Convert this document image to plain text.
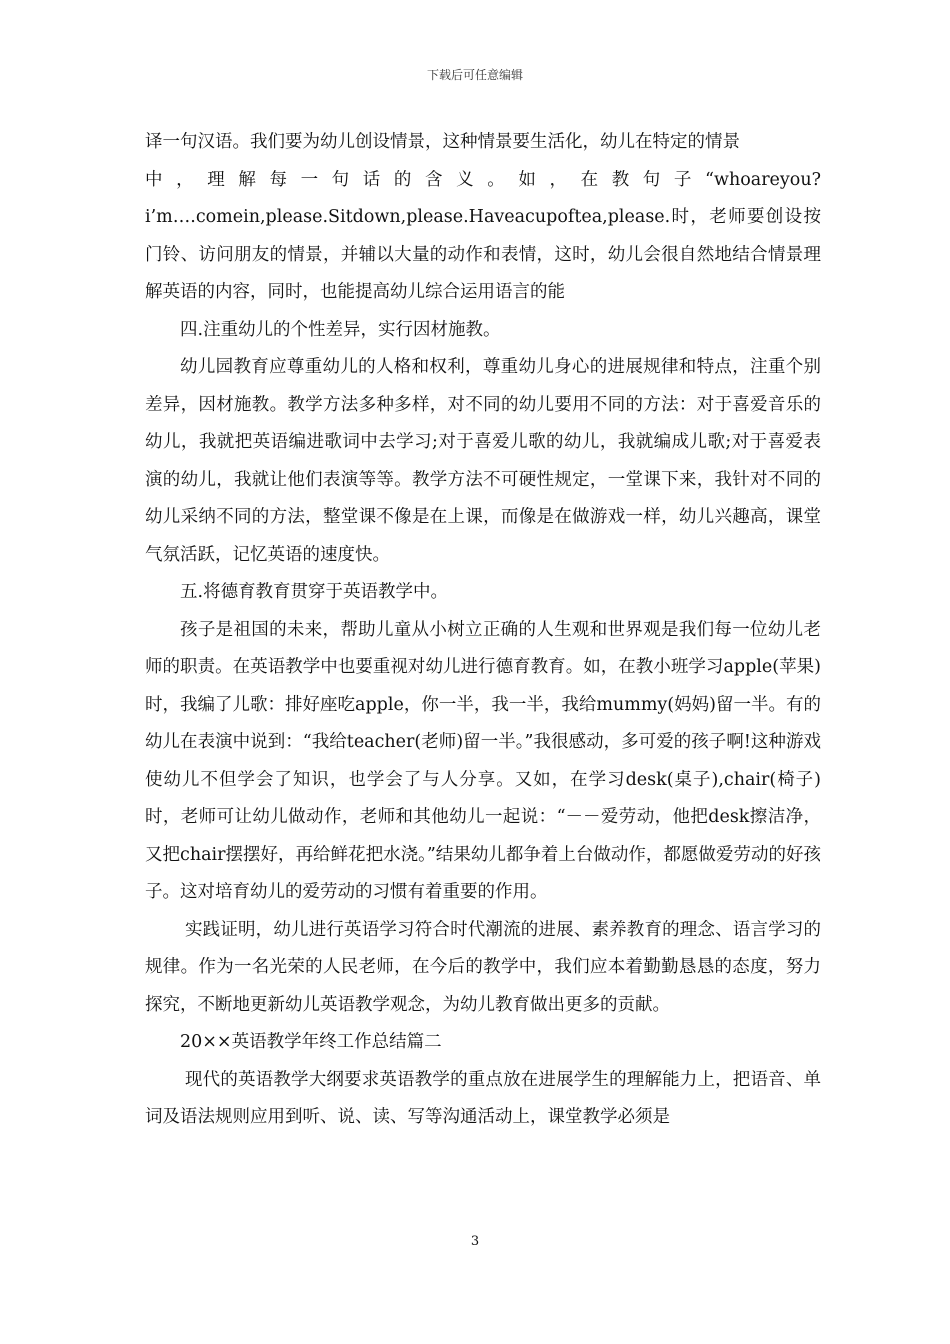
下载后可任意编辑

译一句汉语。我们要为幼儿创设情景，这种情景要生活化，幼儿在特定的情景

中，理解每一句话的含义。如，在教句子“whoareyou?

i’m….comein,please.Sitdown,please.Haveacupoftea,please.时，老师要创设按门铃、访问朋友的情景，并辅以大量的动作和表情，这时，幼儿会很自然地结合情景理解英语的内容，同时，也能提高幼儿综合运用语言的能

四.注重幼儿的个性差异，实行因材施教。

幼儿园教育应尊重幼儿的人格和权利，尊重幼儿身心的进展规律和特点，注重个别差异，因材施教。教学方法多种多样，对不同的幼儿要用不同的方法：对于喜爱音乐的幼儿，我就把英语编进歌词中去学习;对于喜爱儿歌的幼儿，我就编成儿歌;对于喜爱表演的幼儿，我就让他们表演等等。教学方法不可硬性规定，一堂课下来，我针对不同的幼儿采纳不同的方法，整堂课不像是在上课，而像是在做游戏一样，幼儿兴趣高，课堂气氛活跃，记忆英语的速度快。

五.将德育教育贯穿于英语教学中。

孩子是祖国的未来，帮助儿童从小树立正确的人生观和世界观是我们每一位幼儿老师的职责。在英语教学中也要重视对幼儿进行德育教育。如，在教小班学习apple(苹果)时，我编了儿歌：排好座吃apple，你一半，我一半，我给mummy(妈妈)留一半。有的幼儿在表演中说到：“我给teacher(老师)留一半。”我很感动，多可爱的孩子啊!这种游戏使幼儿不但学会了知识，也学会了与人分享。又如，在学习desk(桌子),chair(椅子)时，老师可让幼儿做动作，老师和其他幼儿一起说：“－－爱劳动，他把desk擦洁净，又把chair摆摆好，再给鲜花把水浇。”结果幼儿都争着上台做动作，都愿做爱劳动的好孩子。这对培育幼儿的爱劳动的习惯有着重要的作用。

实践证明，幼儿进行英语学习符合时代潮流的进展、素养教育的理念、语言学习的规律。作为一名光荣的人民老师，在今后的教学中，我们应本着勤勤恳恳的态度，努力探究，不断地更新幼儿英语教学观念，为幼儿教育做出更多的贡献。

20××英语教学年终工作总结篇二

现代的英语教学大纲要求英语教学的重点放在进展学生的理解能力上，把语音、单词及语法规则应用到听、说、读、写等沟通活动上，课堂教学必须是

3
